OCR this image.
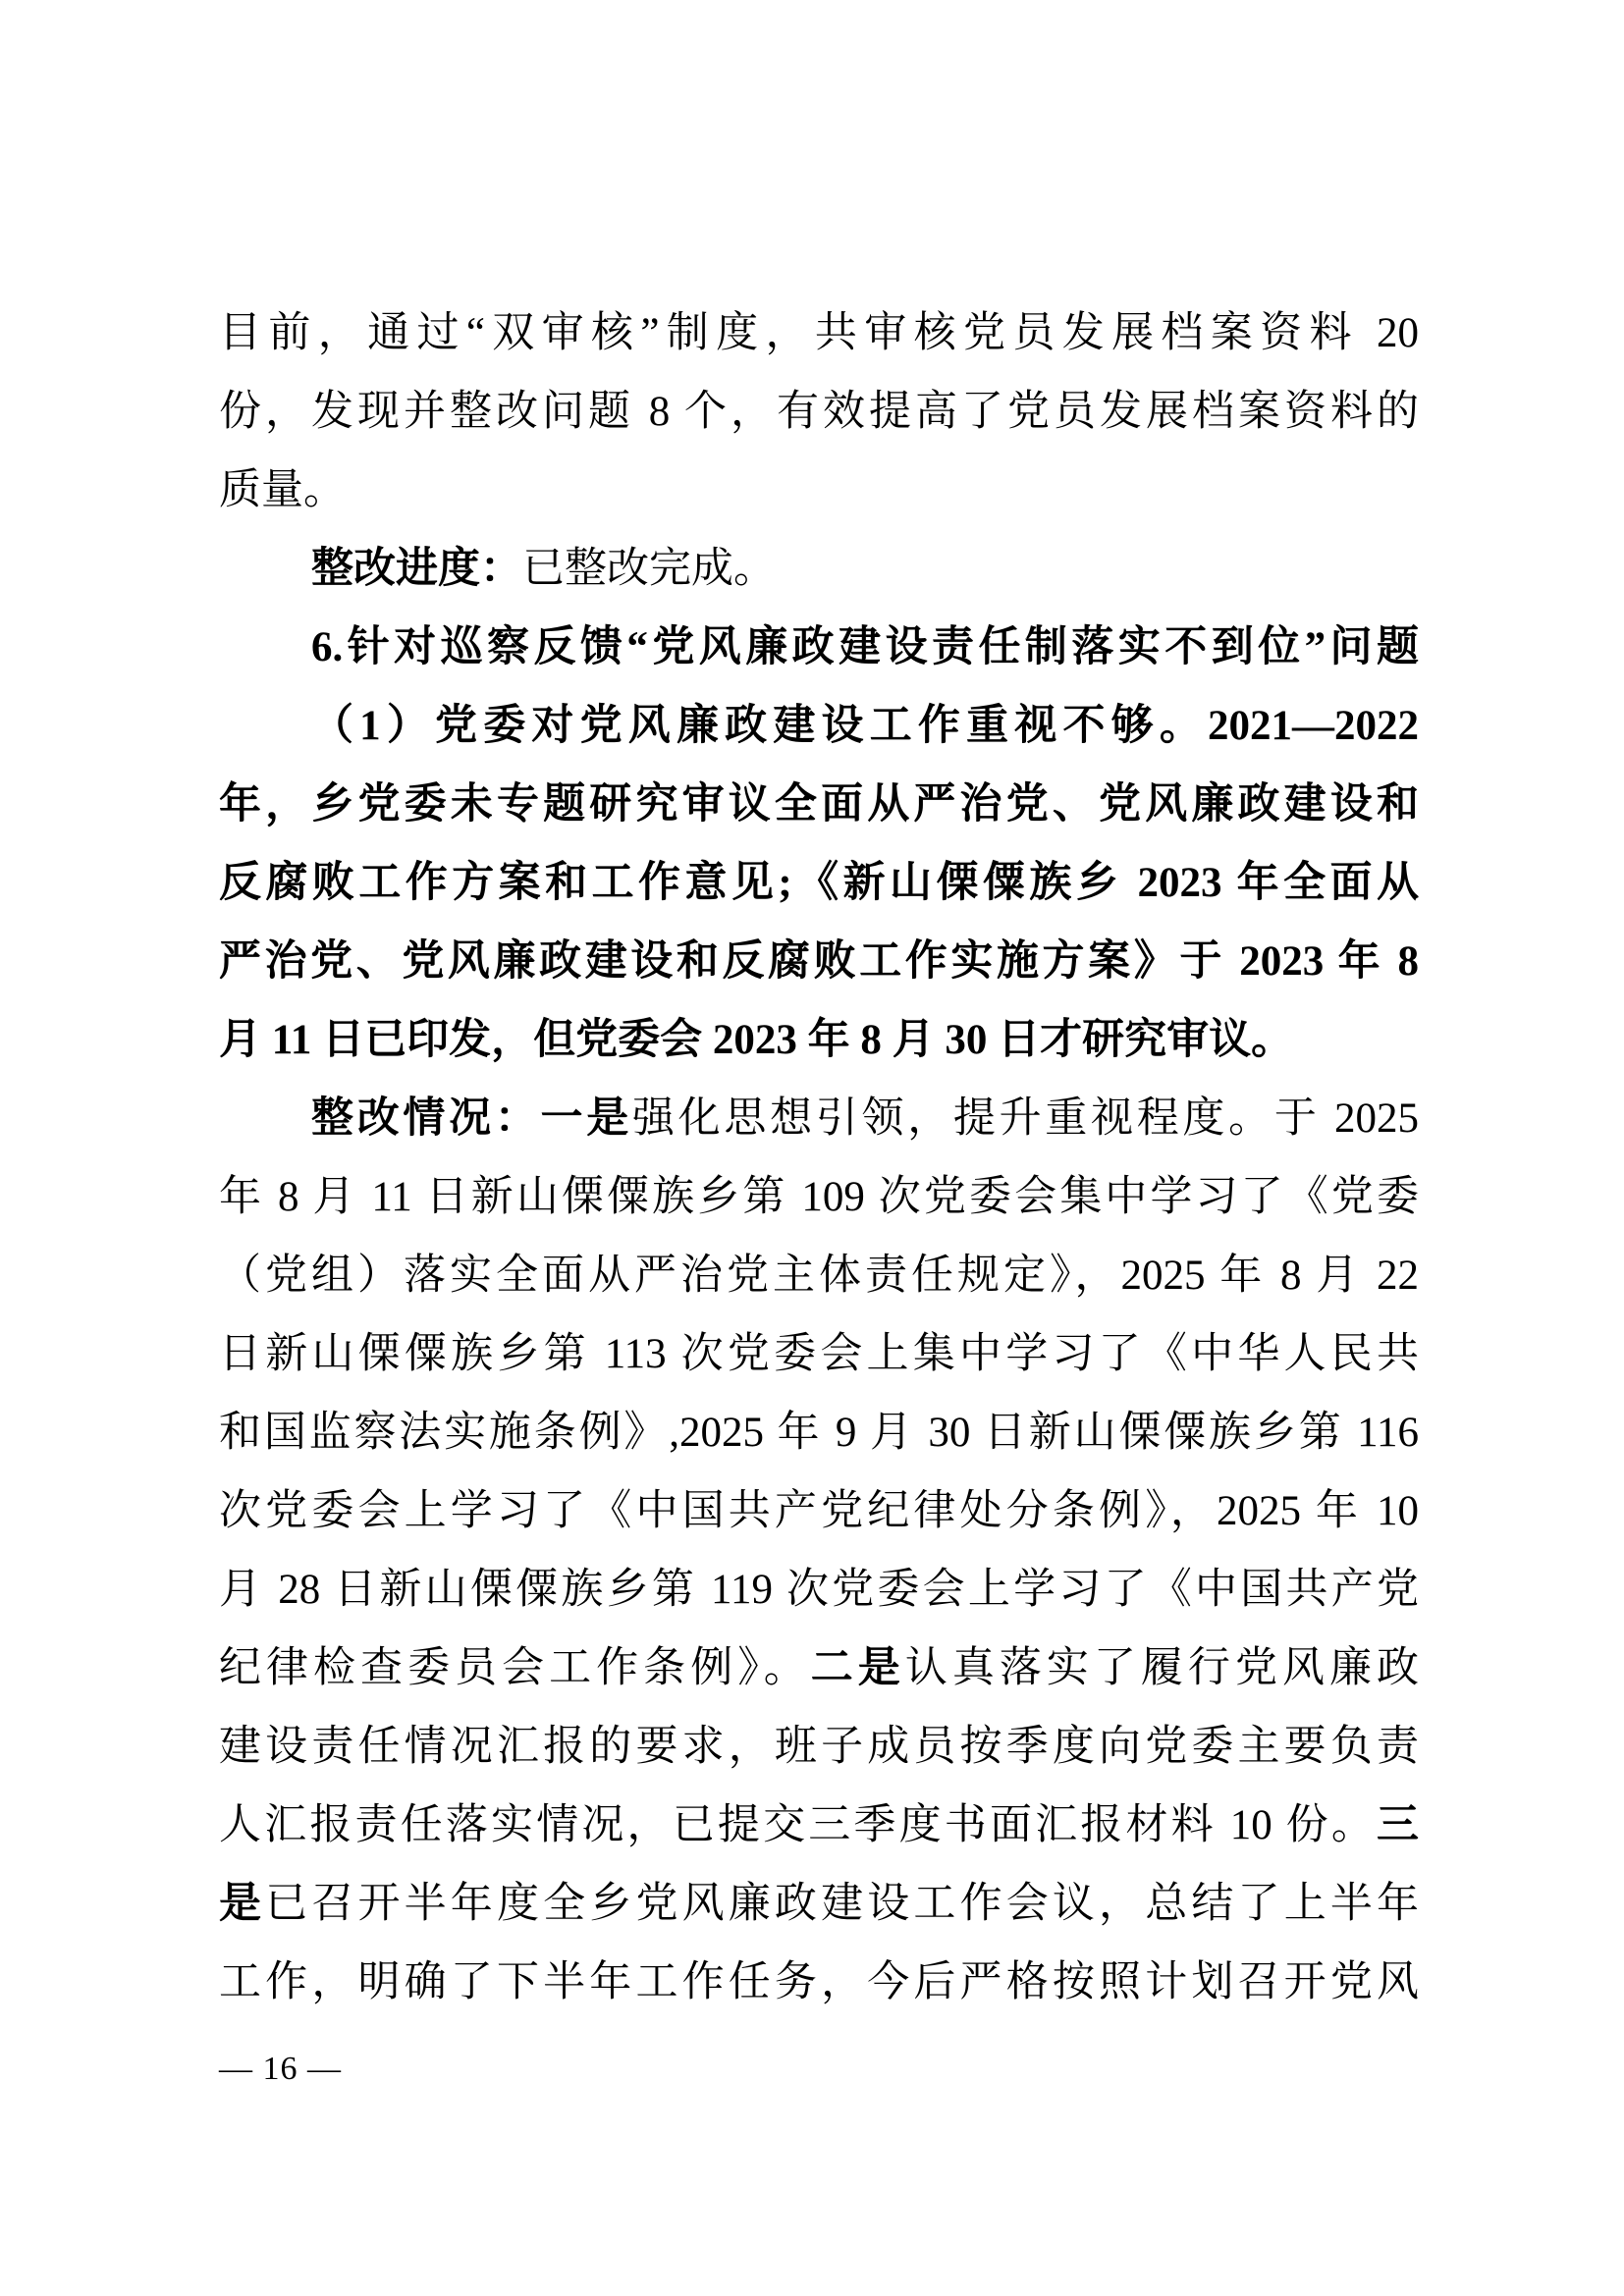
目前，通过“双审核”制度，共审核党员发展档案资料 20
份，发现并整改问题 8 个，有效提高了党员发展档案资料的
质量。
整改进度：已整改完成。
6.针对巡察反馈“党风廉政建设责任制落实不到位”问题
（1）党委对党风廉政建设工作重视不够。2021—2022
年，乡党委未专题研究审议全面从严治党、党风廉政建设和
反腐败工作方案和工作意见;《新山傈僳族乡 2023 年全面从
严治党、党风廉政建设和反腐败工作实施方案》于 2023 年 8
月 11 日已印发，但党委会 2023 年 8 月 30 日才研究审议。
整改情况：一是强化思想引领，提升重视程度。于 2025
年 8 月 11 日新山傈僳族乡第 109 次党委会集中学习了《党委
（党组）落实全面从严治党主体责任规定》，2025 年 8 月 22
日新山傈僳族乡第 113 次党委会上集中学习了《中华人民共
和国监察法实施条例》,2025 年 9 月 30 日新山傈僳族乡第 116
次党委会上学习了《中国共产党纪律处分条例》，2025 年 10
月 28 日新山傈僳族乡第 119 次党委会上学习了《中国共产党
纪律检查委员会工作条例》。二是认真落实了履行党风廉政
建设责任情况汇报的要求，班子成员按季度向党委主要负责
人汇报责任落实情况，已提交三季度书面汇报材料 10 份。三
是已召开半年度全乡党风廉政建设工作会议，总结了上半年
工作，明确了下半年工作任务，今后严格按照计划召开党风
— 16 —
